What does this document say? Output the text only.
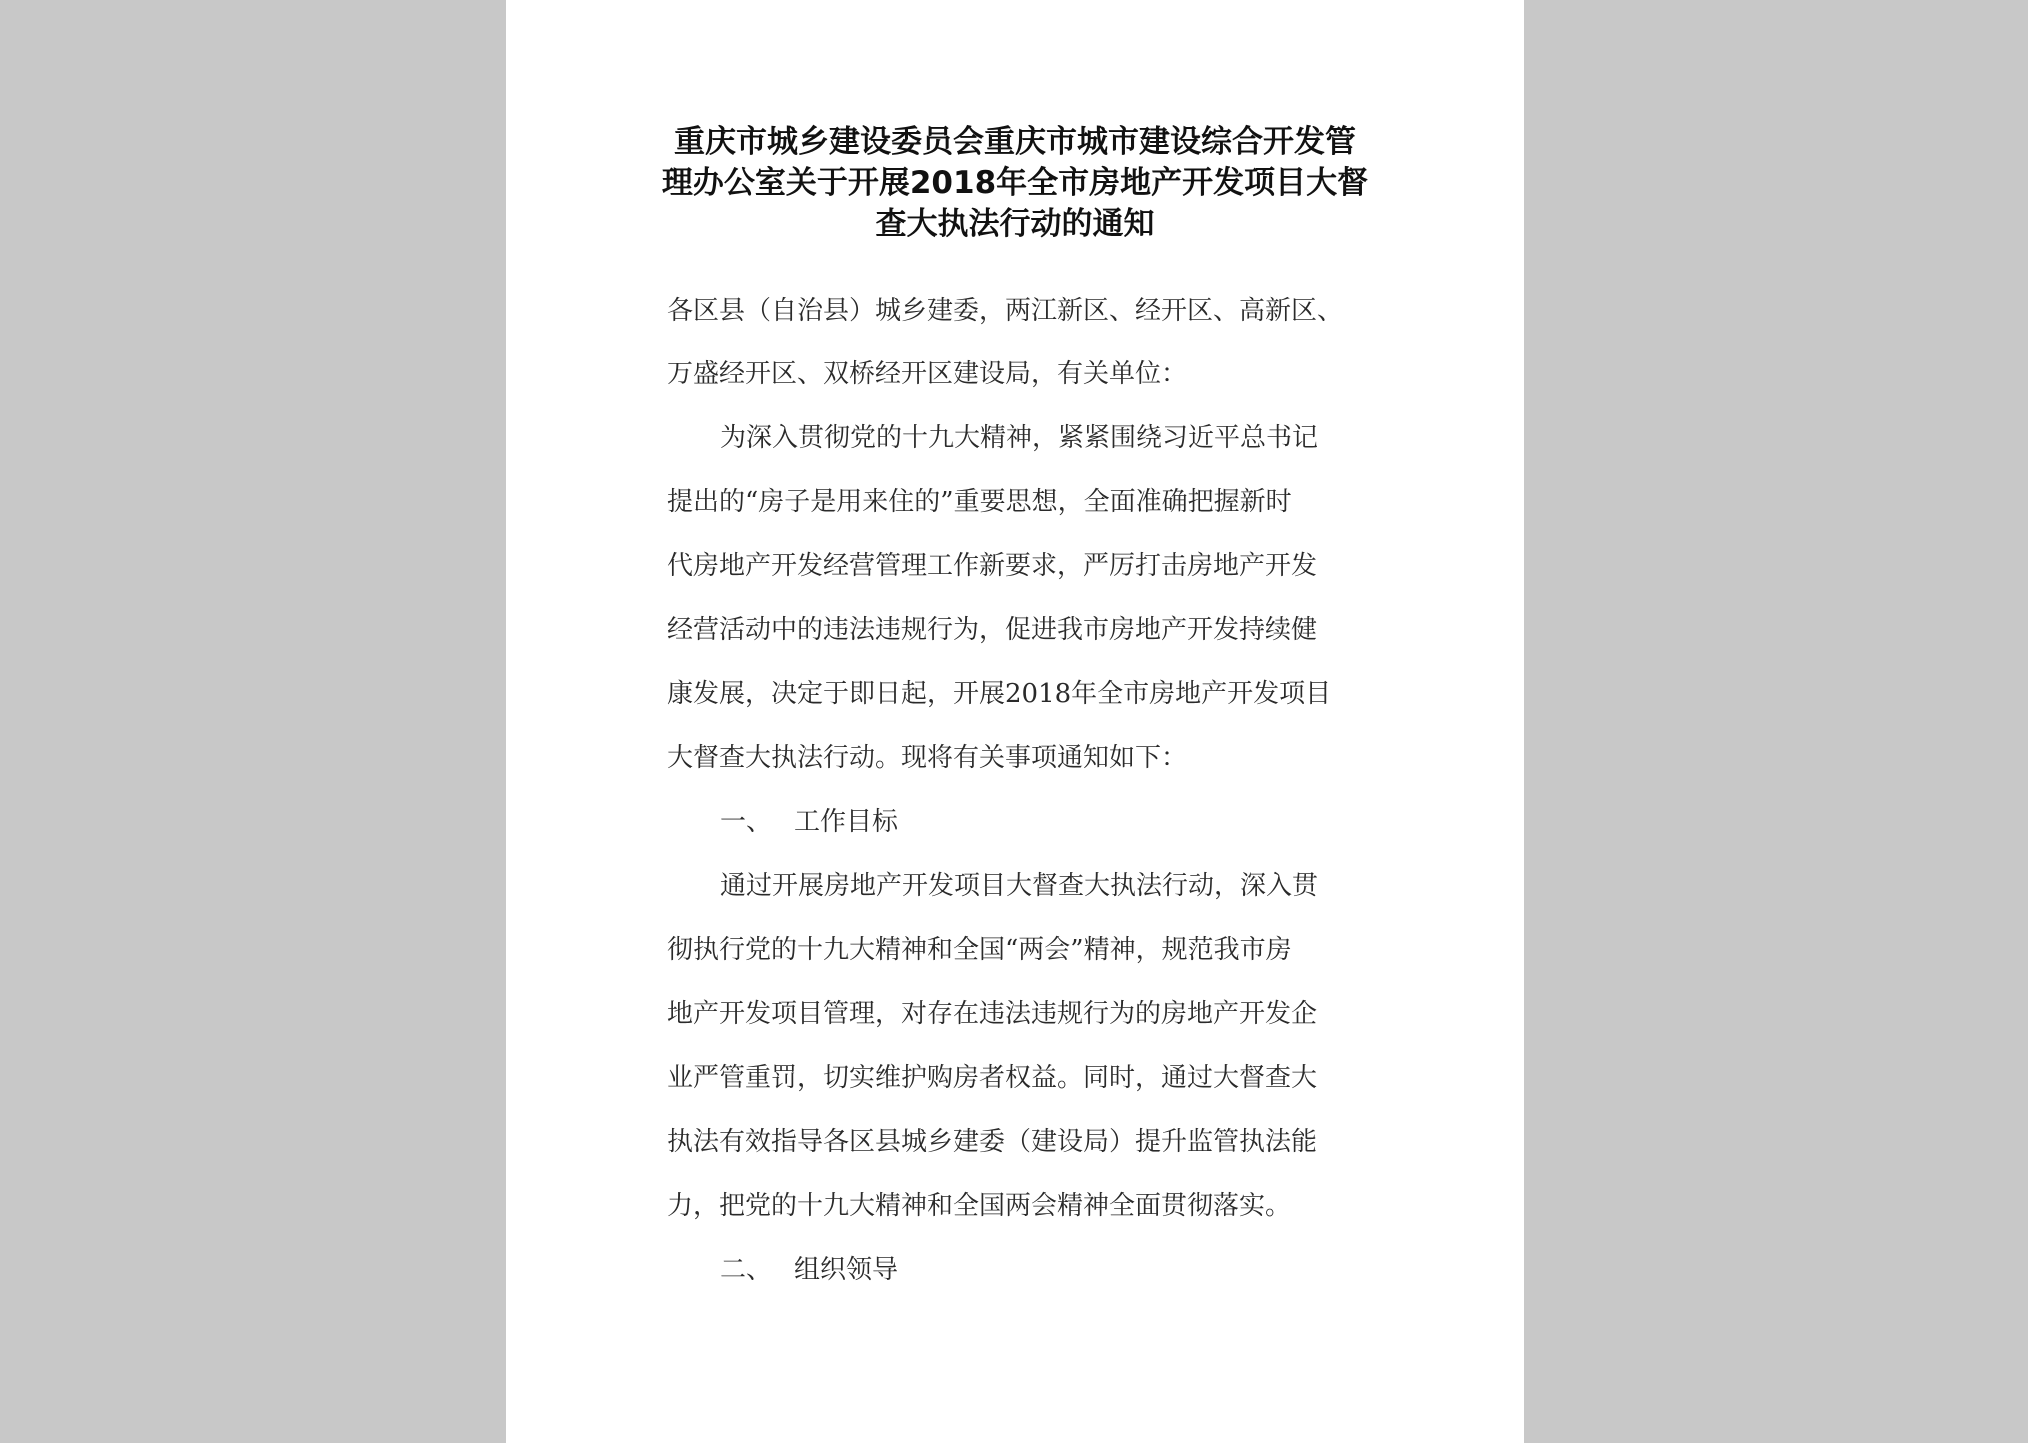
重庆市城乡建设委员会重庆市城市建设综合开发管
理办公室关于开展2018年全市房地产开发项目大督
查大执法行动的通知
各区县（自治县）城乡建委，两江新区、经开区、高新区、
万盛经开区、双桥经开区建设局，有关单位：
为深入贯彻党的十九大精神，紧紧围绕习近平总书记
提出的“房子是用来住的”重要思想，全面准确把握新时
代房地产开发经营管理工作新要求，严厉打击房地产开发
经营活动中的违法违规行为，促进我市房地产开发持续健
康发展，决定于即日起，开展2018年全市房地产开发项目
大督查大执法行动。现将有关事项通知如下：
一、 工作目标
通过开展房地产开发项目大督查大执法行动，深入贯
彻执行党的十九大精神和全国“两会”精神，规范我市房
地产开发项目管理，对存在违法违规行为的房地产开发企
业严管重罚，切实维护购房者权益。同时，通过大督查大
执法有效指导各区县城乡建委（建设局）提升监管执法能
力，把党的十九大精神和全国两会精神全面贯彻落实。
二、 组织领导
